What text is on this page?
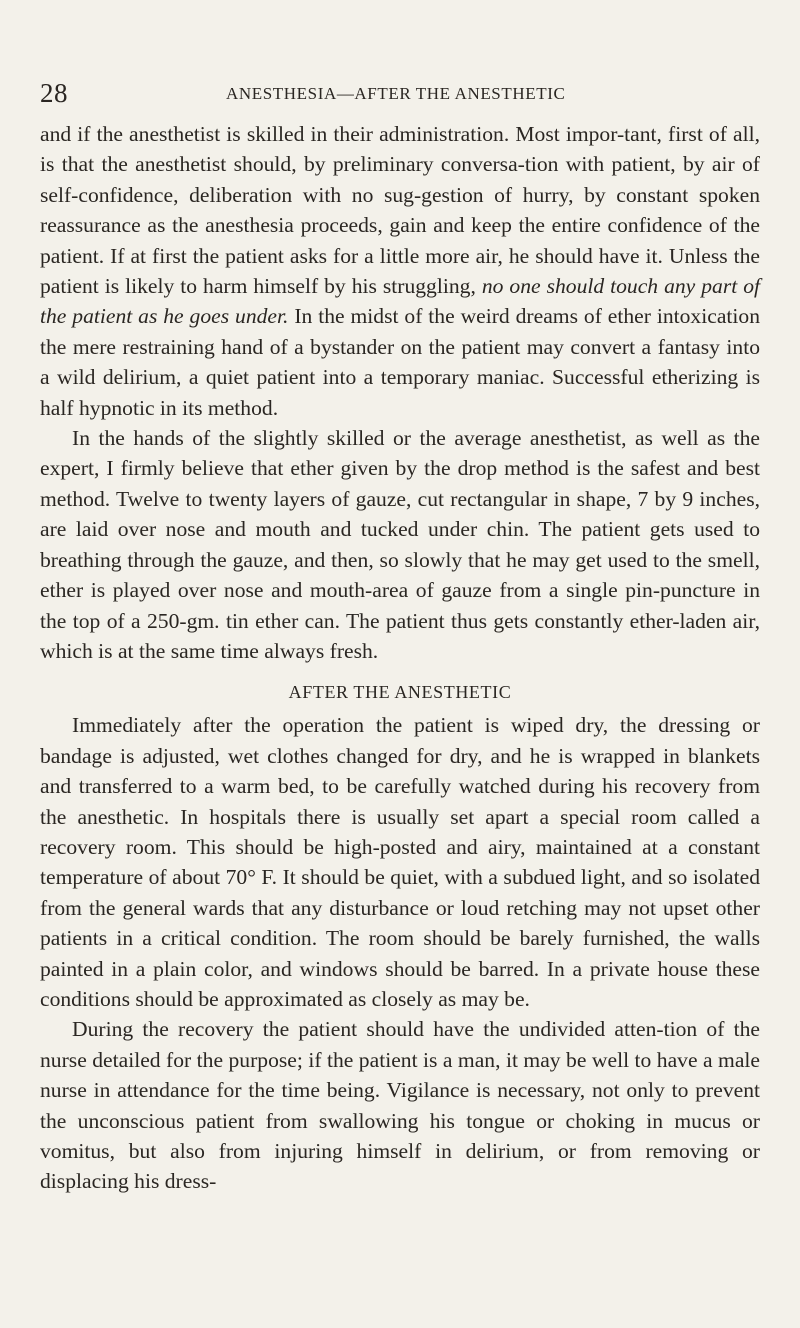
28	ANESTHESIA—AFTER THE ANESTHETIC

and if the anesthetist is skilled in their administration. Most impor-tant, first of all, is that the anesthetist should, by preliminary conversa-tion with patient, by air of self-confidence, deliberation with no sug-gestion of hurry, by constant spoken reassurance as the anesthesia proceeds, gain and keep the entire confidence of the patient. If at first the patient asks for a little more air, he should have it. Unless the patient is likely to harm himself by his struggling, no one should touch any part of the patient as he goes under. In the midst of the weird dreams of ether intoxication the mere restraining hand of a bystander on the patient may convert a fantasy into a wild delirium, a quiet patient into a temporary maniac. Successful etherizing is half hypnotic in its method.

In the hands of the slightly skilled or the average anesthetist, as well as the expert, I firmly believe that ether given by the drop method is the safest and best method. Twelve to twenty layers of gauze, cut rectangular in shape, 7 by 9 inches, are laid over nose and mouth and tucked under chin. The patient gets used to breathing through the gauze, and then, so slowly that he may get used to the smell, ether is played over nose and mouth-area of gauze from a single pin-puncture in the top of a 250-gm. tin ether can. The patient thus gets constantly ether-laden air, which is at the same time always fresh.

AFTER THE ANESTHETIC

Immediately after the operation the patient is wiped dry, the dressing or bandage is adjusted, wet clothes changed for dry, and he is wrapped in blankets and transferred to a warm bed, to be carefully watched during his recovery from the anesthetic. In hospitals there is usually set apart a special room called a recovery room. This should be high-posted and airy, maintained at a constant temperature of about 70° F. It should be quiet, with a subdued light, and so isolated from the general wards that any disturbance or loud retching may not upset other patients in a critical condition. The room should be barely furnished, the walls painted in a plain color, and windows should be barred. In a private house these conditions should be approximated as closely as may be.

During the recovery the patient should have the undivided atten-tion of the nurse detailed for the purpose; if the patient is a man, it may be well to have a male nurse in attendance for the time being. Vigilance is necessary, not only to prevent the unconscious patient from swallowing his tongue or choking in mucus or vomitus, but also from injuring himself in delirium, or from removing or displacing his dress-
